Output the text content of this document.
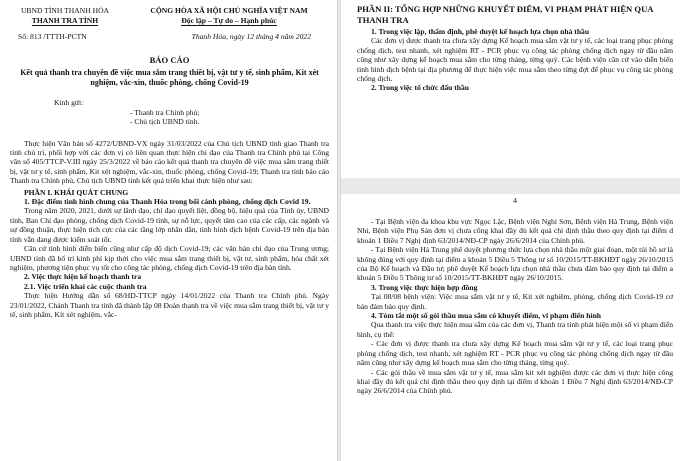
UBND TỈNH THANH HÓA
THANH TRA TỈNH
CỘNG HÒA XÃ HỘI CHỦ NGHĨA VIỆT NAM
Độc lập – Tự do – Hạnh phúc
Số: 813 /TTTH-PCTN	Thanh Hóa, ngày 12 tháng 4 năm 2022
BÁO CÁO
Kết quả thanh tra chuyên đề việc mua sắm trang thiết bị, vật tư y tế, sinh phẩm, Kit xét nghiệm, vắc-xin, thuốc phòng, chống Covid-19
Kính gửi:
- Thanh tra Chính phủ;
- Chủ tịch UBND tỉnh.

Thực hiện Văn bản số 4272/UBND-VX ngày 31/03/2022 của Chủ tịch UBND tỉnh giao Thanh tra tỉnh chủ trì, phối hợp với các đơn vị có liên quan thực hiện chỉ đạo của Thanh tra Chính phủ tại Công văn số 405/TTCP-V.III ngày 25/3/2022 về báo cáo kết quả thanh tra chuyên đề việc mua sắm trang thiết bị, vật tư y tế, sinh phẩm, Kit xét nghiệm, vắc-xin, thuốc phòng, chống Covid-19; Thanh tra tỉnh báo cáo Thanh tra Chính phủ, Chủ tịch UBND tỉnh kết quả triển khai thực hiện như sau:

PHẦN I. KHÁI QUÁT CHUNG

1. Đặc điểm tình hình chung của Thanh Hóa trong bối cảnh phòng, chống dịch Covid 19.

Trong năm 2020, 2021, dưới sự lãnh đạo, chỉ đạo quyết liệt, đồng bộ, hiệu quả của Tỉnh ủy, UBND tỉnh, Ban Chỉ đạo phòng, chống dịch Covid-19 tỉnh, sự nỗ lực, quyết tâm cao của các cấp, các ngành và sự đồng thuận, thực hiện tích cực của các tầng lớp nhân dân, tình hình dịch bệnh Covid-19 trên địa bàn tỉnh vẫn đang được kiểm soát tốt.

Căn cứ tình hình diễn biến cũng như cấp độ dịch Covid-19; các văn bản chỉ đạo của Trung ương; UBND tỉnh đã bố trí kinh phí kịp thời cho việc mua sắm trang thiết bị, vật tư, sinh phẩm, hóa chất xét nghiệm, phương tiện phục vụ tốt cho công tác phòng, chống dịch Covid-19 trên địa bàn tỉnh.

2. Việc thực hiện kế hoạch thanh tra

2.1. Việc triển khai các cuộc thanh tra

Thực hiện Hướng dẫn số 68/HD-TTCP ngày 14/01/2022 của Thanh tra Chính phủ. Ngày 23/01/2022, Chánh Thanh tra tỉnh đã thành lập 08 Đoàn thanh tra về việc mua sắm trang thiết bị, vật tư y tế, sinh phẩm, Kit xét nghiệm, vắc-

PHẦN II: TỔNG HỢP NHỮNG KHUYẾT ĐIỂM, VI PHẠM PHÁT HIỆN QUA THANH TRA

1. Trong việc lập, thẩm định, phê duyệt kế hoạch lựa chọn nhà thầu

Các đơn vị được thanh tra chưa xây dựng Kế hoạch mua sắm vật tư y tế, các loại trang phục phòng chống dịch, test nhanh, xét nghiệm RT - PCR phục vụ công tác phòng chống dịch ngay từ đầu năm cũng như xây dựng kế hoạch mua sắm cho từng tháng, từng quý. Các bệnh viện căn cứ vào diễn biến tình hình dịch bệnh tại địa phương để thực hiện việc mua sắm theo từng đợt để phục vụ công tác phòng chống dịch.

2. Trong việc tổ chức đấu thầu

4

- Tại Bệnh viện đa khoa khu vực Ngọc Lặc, Bệnh viện Nghi Sơn, Bệnh viện Hà Trung, Bệnh viện Nhi, Bệnh viện Phụ Sản đơn vị chưa công khai đầy đủ kết quả chỉ định thầu theo quy định tại điểm d khoản 1 Điều 7 Nghị định 63/2014/NĐ-CP ngày 26/6/2014 của Chính phủ.

- Tại Bệnh viện Hà Trung phê duyệt phương thức lựa chọn nhà thầu một giai đoạn, một túi hồ sơ là không đúng với quy định tại điểm a khoản 5 Điều 5 Thông tư số 10/2015/TT-BKHĐT ngày 26/10/2015 của Bộ Kế hoạch và Đầu tư; phê duyệt Kế hoạch lựa chọn nhà thầu chưa đảm bảo quy định tại điểm a khoản 5 Điều 5 Thông tư số 10/2015/TT-BKHĐT ngày 26/10/2015.

3. Trong việc thực hiện hợp đồng

Tại 08/08 bệnh viện: Việc mua sắm vật tư y tế, Kit xét nghiệm, phòng, chống dịch Covid-19 cơ bản đảm bảo quy định.

4. Tóm tắt một số gói thầu mua sắm có khuyết điểm, vi phạm điển hình

Qua thanh tra việc thực hiện mua sắm của các đơn vị, Thanh tra tỉnh phát hiện một số vi phạm điển hình, cụ thể:

- Các đơn vị được thanh tra chưa xây dựng Kế hoạch mua sắm vật tư y tế, các loại trang phục phòng chống dịch, test nhanh, xét nghiệm RT - PCR phục vụ công tác phòng chống dịch ngay từ đầu năm cũng như xây dựng kế hoạch mua sắm cho từng tháng, từng quý.

- Các gói thầu về mua sắm vật tư y tế, mua sắm kit xét nghiệm được các đơn vị thực hiện công khai đầy đủ kết quả chỉ định thầu theo quy định tại điểm d khoản 1 Điều 7 Nghị định 63/2014/NĐ-CP ngày 26/6/2014 của Chính phủ.
